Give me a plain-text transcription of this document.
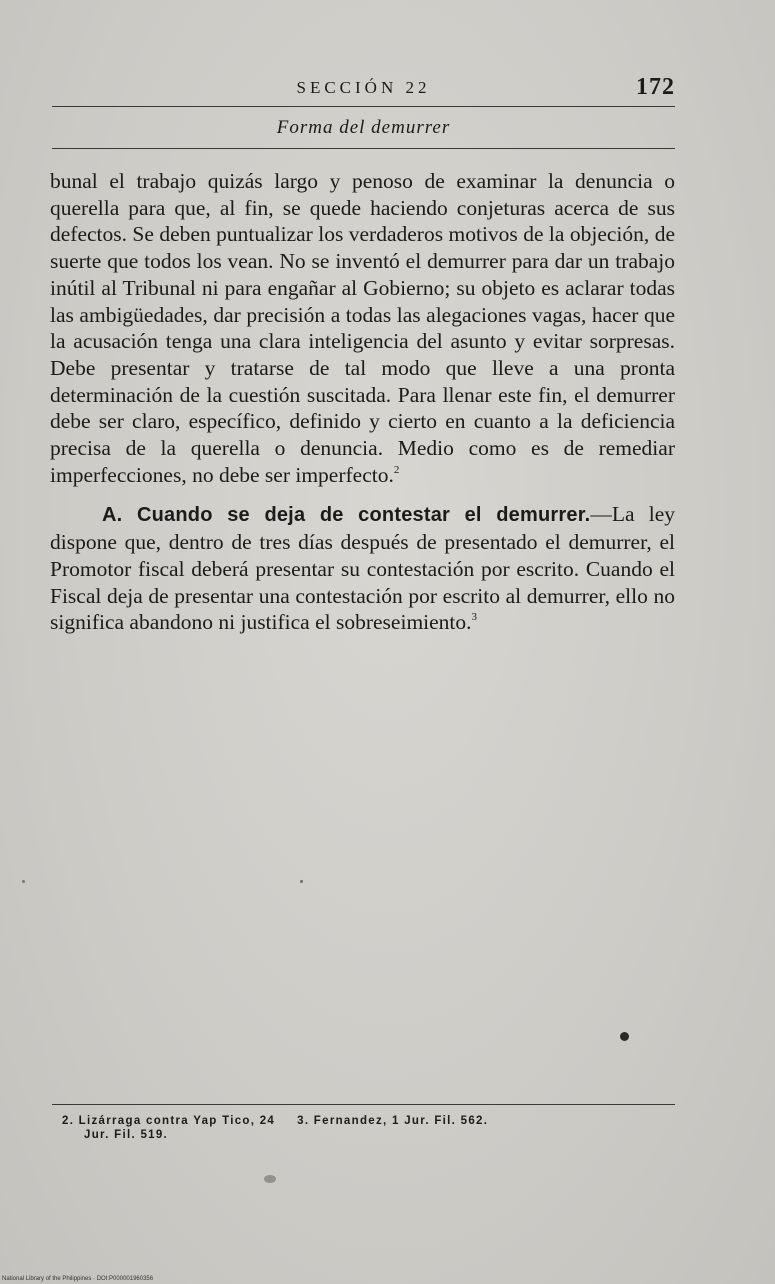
SECCIÓN 22	172
Forma del demurrer

bunal el trabajo quizás largo y penoso de examinar la denuncia o querella para que, al fin, se quede haciendo conjeturas acerca de sus defectos. Se deben puntualizar los verdaderos motivos de la objeción, de suerte que todos los vean. No se inventó el demurrer para dar un trabajo inútil al Tribunal ni para engañar al Gobierno; su objeto es aclarar todas las ambigüedades, dar precisión a todas las alegaciones vagas, hacer que la acusación tenga una clara inteligencia del asunto y evitar sorpresas. Debe presentar y tratarse de tal modo que lleve a una pronta determinación de la cuestión suscitada. Para llenar este fin, el demurrer debe ser claro, específico, definido y cierto en cuanto a la deficiencia precisa de la querella o denuncia. Medio como es de remediar imperfecciones, no debe ser imperfecto.$^2$

A. Cuando se deja de contestar el demurrer.—La ley dispone que, dentro de tres días después de presentado el demurrer, el Promotor fiscal deberá presentar su contestación por escrito. Cuando el Fiscal deja de presentar una contestación por escrito al demurrer, ello no significa abandono ni justifica el sobreseimiento.$^3$

2. Lizárraga contra Yap Tico, 24 3. Fernandez, 1 Jur. Fil. 562.
Jur. Fil. 519.
National Library of the Philippines · DOI:P000001960356
